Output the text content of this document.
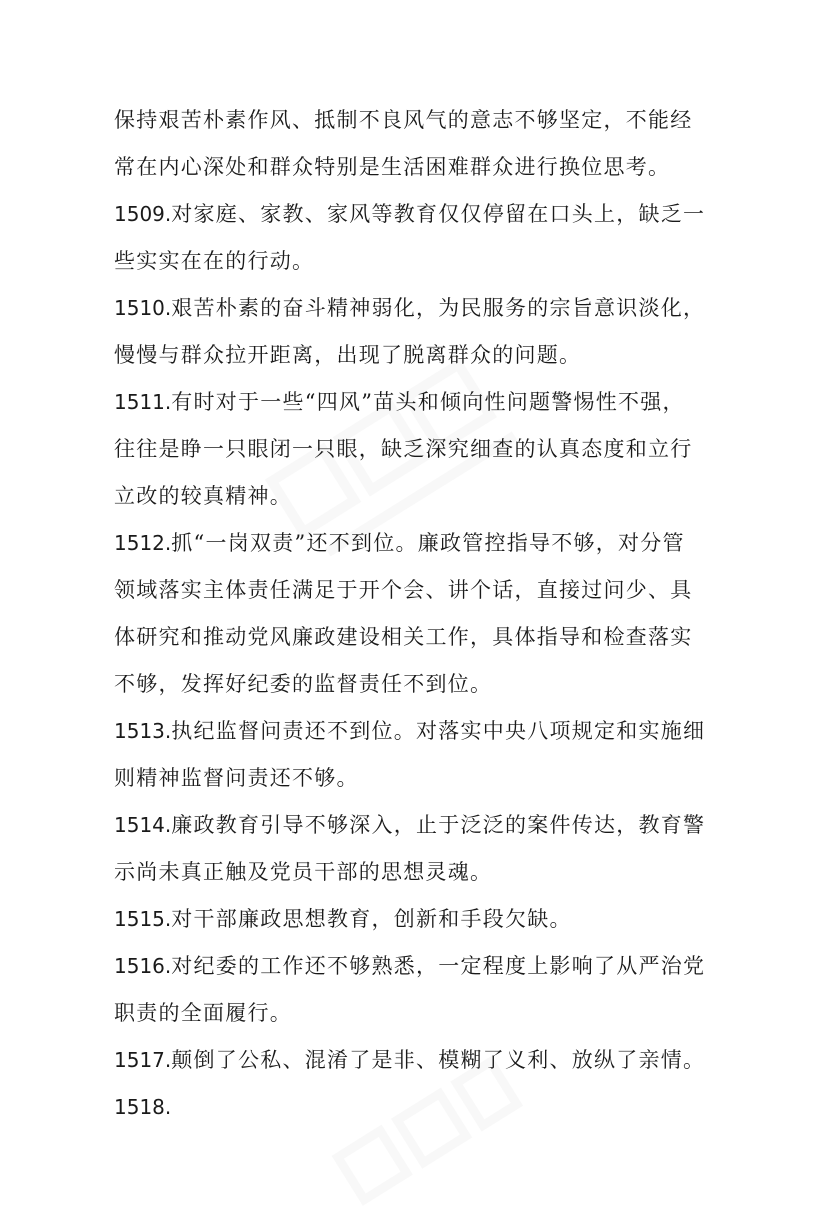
保持艰苦朴素作风、抵制不良风气的意志不够坚定，不能经
常在内心深处和群众特别是生活困难群众进行换位思考。
1509.对家庭、家教、家风等教育仅仅停留在口头上，缺乏一
些实实在在的行动。
1510.艰苦朴素的奋斗精神弱化，为民服务的宗旨意识淡化，
慢慢与群众拉开距离，出现了脱离群众的问题。
1511.有时对于一些“四风”苗头和倾向性问题警惕性不强，
往往是睁一只眼闭一只眼，缺乏深究细查的认真态度和立行
立改的较真精神。
1512.抓“一岗双责”还不到位。廉政管控指导不够，对分管
领域落实主体责任满足于开个会、讲个话，直接过问少、具
体研究和推动党风廉政建设相关工作，具体指导和检查落实
不够，发挥好纪委的监督责任不到位。
1513.执纪监督问责还不到位。对落实中央八项规定和实施细
则精神监督问责还不够。
1514.廉政教育引导不够深入，止于泛泛的案件传达，教育警
示尚未真正触及党员干部的思想灵魂。
1515.对干部廉政思想教育，创新和手段欠缺。
1516.对纪委的工作还不够熟悉，一定程度上影响了从严治党
职责的全面履行。
1517.颠倒了公私、混淆了是非、模糊了义利、放纵了亲情。
1518.
